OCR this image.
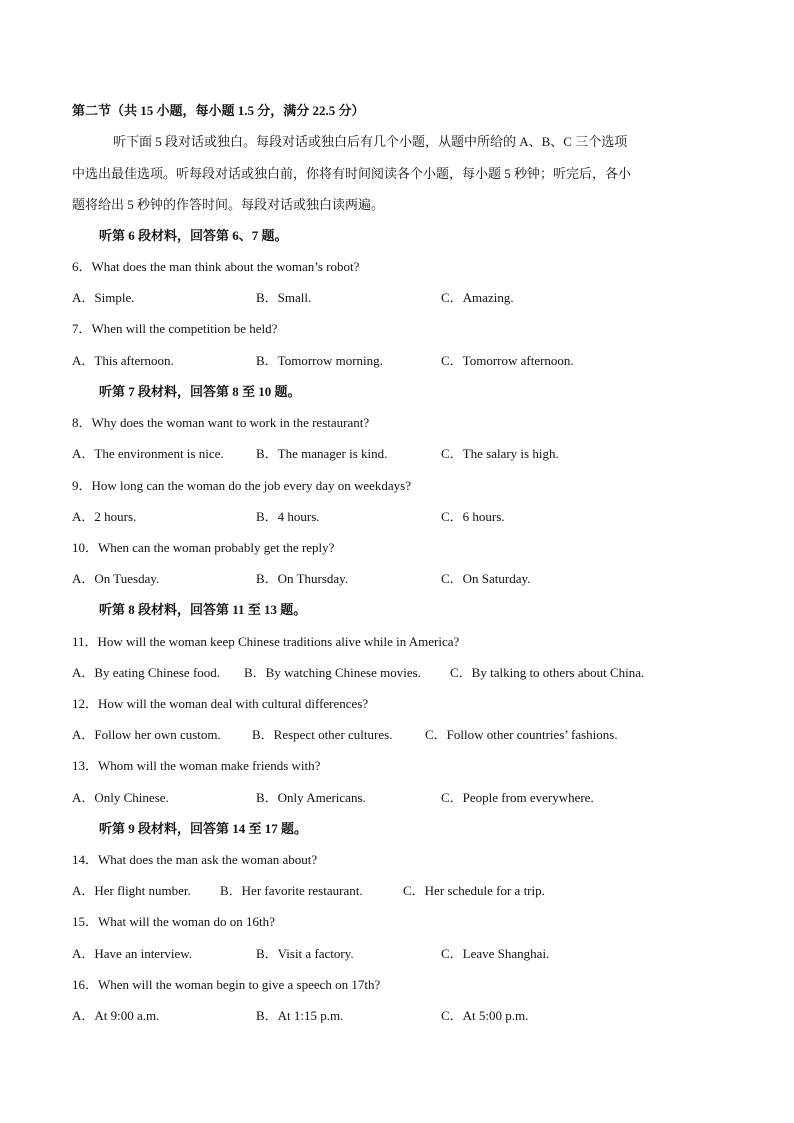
第二节（共 15 小题，每小题 1.5 分，满分 22.5 分）
听下面 5 段对话或独白。每段对话或独白后有几个小题，从题中所给的 A、B、C 三个选项
中选出最佳选项。听每段对话或独白前，你将有时间阅读各个小题，每小题 5 秒钟；听完后，各小
题将给出 5 秒钟的作答时间。每段对话或独白读两遍。
听第 6 段材料，回答第 6、7 题。
6．What does the man think about the woman’s robot?
A．Simple.	B．Small.	C．Amazing.
7．When will the competition be held?
A．This afternoon.	B．Tomorrow morning.	C．Tomorrow afternoon.
听第 7 段材料，回答第 8 至 10 题。
8．Why does the woman want to work in the restaurant?
A．The environment is nice. B．The manager is kind.	C．The salary is high.
9．How long can the woman do the job every day on weekdays?
A．2 hours.	B．4 hours.	C．6 hours.
10．When can the woman probably get the reply?
A．On Tuesday.	B．On Thursday.	C．On Saturday.
听第 8 段材料，回答第 11 至 13 题。
11．How will the woman keep Chinese traditions alive while in America?
A．By eating Chinese food. B．By watching Chinese movies. C．By talking to others about China.
12．How will the woman deal with cultural differences?
A．Follow her own custom. B．Respect other cultures.	C．Follow other countries’ fashions.
13．Whom will the woman make friends with?
A．Only Chinese.	B．Only Americans.	C．People from everywhere.
听第 9 段材料，回答第 14 至 17 题。
14．What does the man ask the woman about?
A．Her flight number. B．Her favorite restaurant.	C．Her schedule for a trip.
15．What will the woman do on 16th?
A．Have an interview.	B．Visit a factory.	C．Leave Shanghai.
16．When will the woman begin to give a speech on 17th?
A．At 9:00 a.m.	B．At 1:15 p.m.	C．At 5:00 p.m.
